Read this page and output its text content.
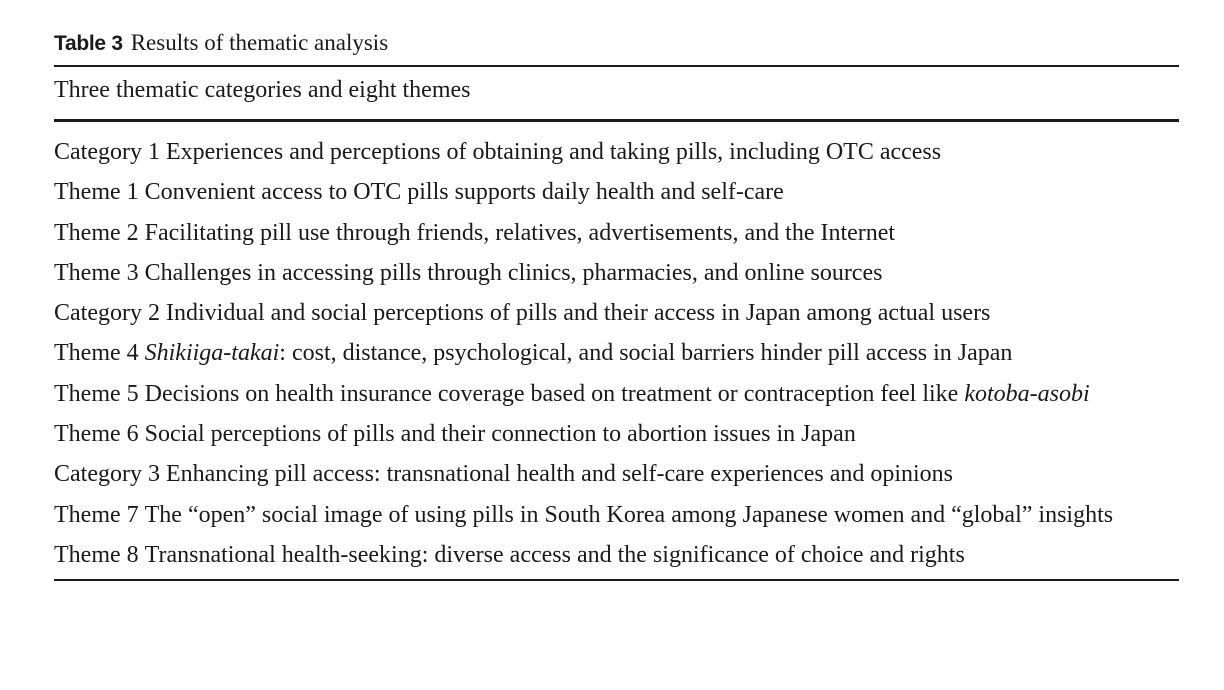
Table 3 Results of thematic analysis
Three thematic categories and eight themes
Category 1 Experiences and perceptions of obtaining and taking pills, including OTC access
Theme 1 Convenient access to OTC pills supports daily health and self-care
Theme 2 Facilitating pill use through friends, relatives, advertisements, and the Internet
Theme 3 Challenges in accessing pills through clinics, pharmacies, and online sources
Category 2 Individual and social perceptions of pills and their access in Japan among actual users
Theme 4 Shikiiga-takai: cost, distance, psychological, and social barriers hinder pill access in Japan
Theme 5 Decisions on health insurance coverage based on treatment or contraception feel like kotoba-asobi
Theme 6 Social perceptions of pills and their connection to abortion issues in Japan
Category 3 Enhancing pill access: transnational health and self-care experiences and opinions
Theme 7 The “open” social image of using pills in South Korea among Japanese women and “global” insights
Theme 8 Transnational health-seeking: diverse access and the significance of choice and rights
